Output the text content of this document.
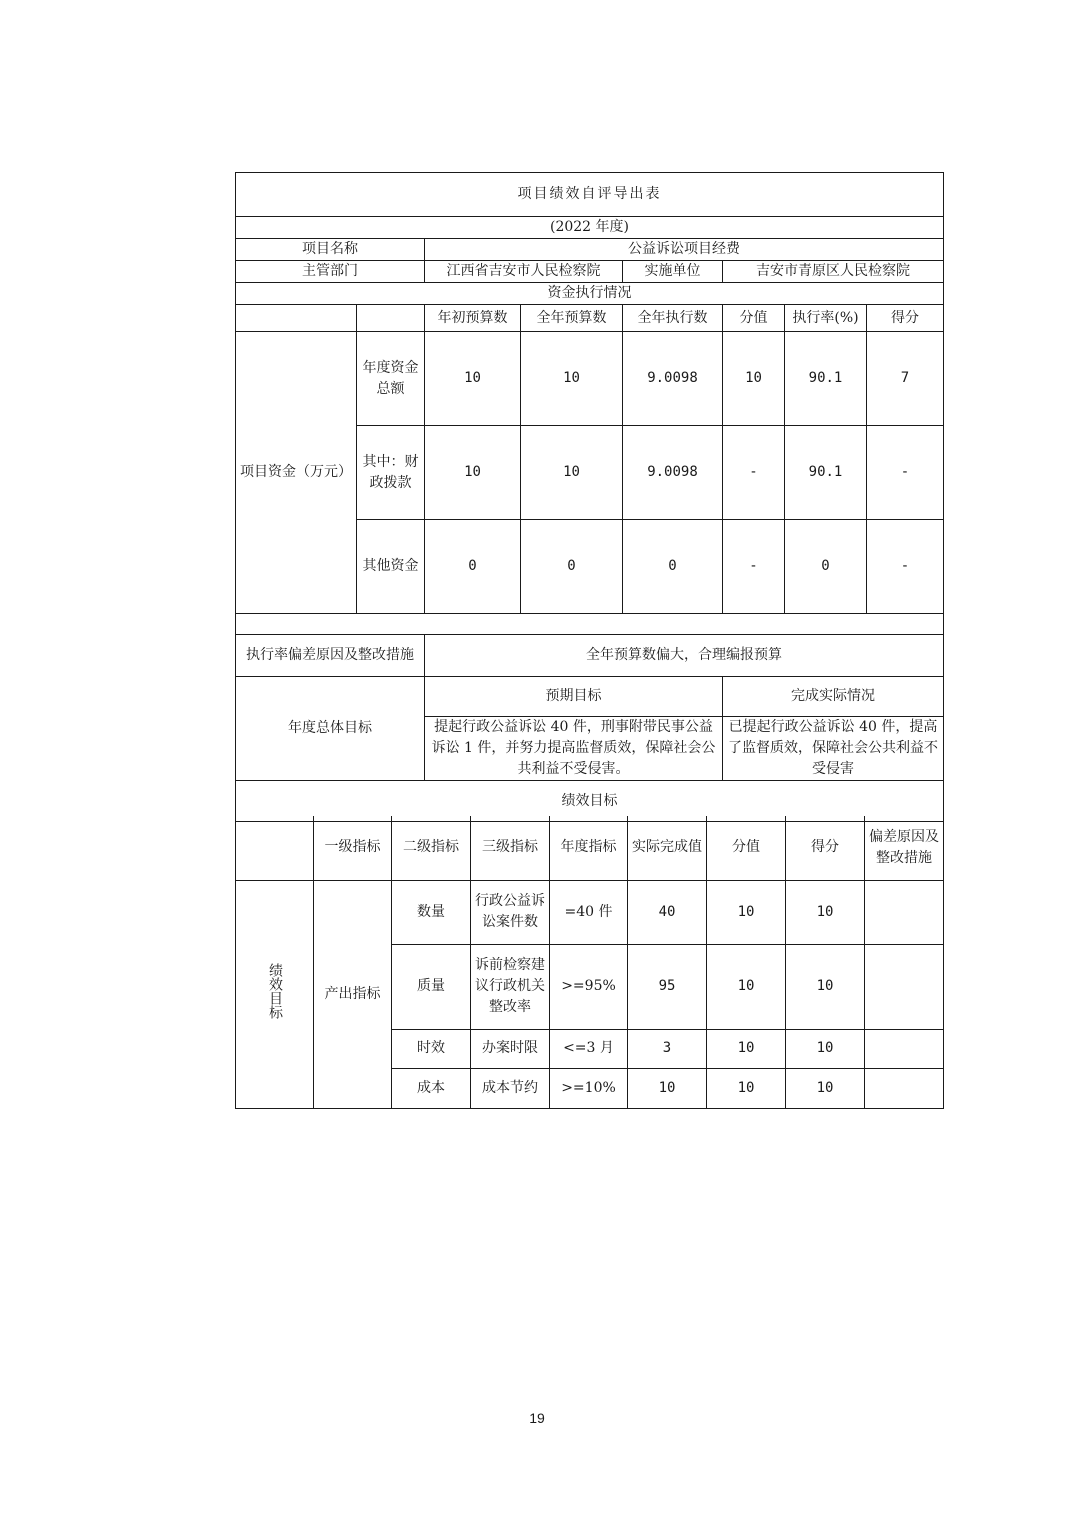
项目绩效自评导出表							
(2022 年度)							
项目名称		公益诉讼项目经费					
主管部门		江西省吉安市人民检察院		实施单位	吉安市青原区人民检察院		
资金执行情况							
		年初预算数	全年预算数	全年执行数	分值	执行率(%)	得分
项目资金（万元）	年度资金总额	10	10	9.0098	10	90.1	7
	其中：财政拨款	10	10	9.0098	-	90.1	-
	其他资金	0	0	0	-	0	-

执行率偏差原因及整改措施		全年预算数偏大，合理编报预算					
年度总体目标		预期目标			完成实际情况		
		提起行政公益诉讼 40 件，刑事附带民事公益诉讼 1 件，并努力提高监督质效，保障社会公共利益不受侵害。			已提起行政公益诉讼 40 件，提高了监督质效，保障社会公共利益不受侵害		
绩效目标							
	一级指标	二级指标	三级指标	年度指标	实际完成值	分值	得分	偏差原因及整改措施
绩效目标	产出指标	数量	行政公益诉讼案件数	=40 件	40	10	10	
		质量	诉前检察建议行政机关整改率	>=95%	95	10	10	
		时效	办案时限	<=3 月	3	10	10	
		成本	成本节约	>=10%	10	10	10	
19
